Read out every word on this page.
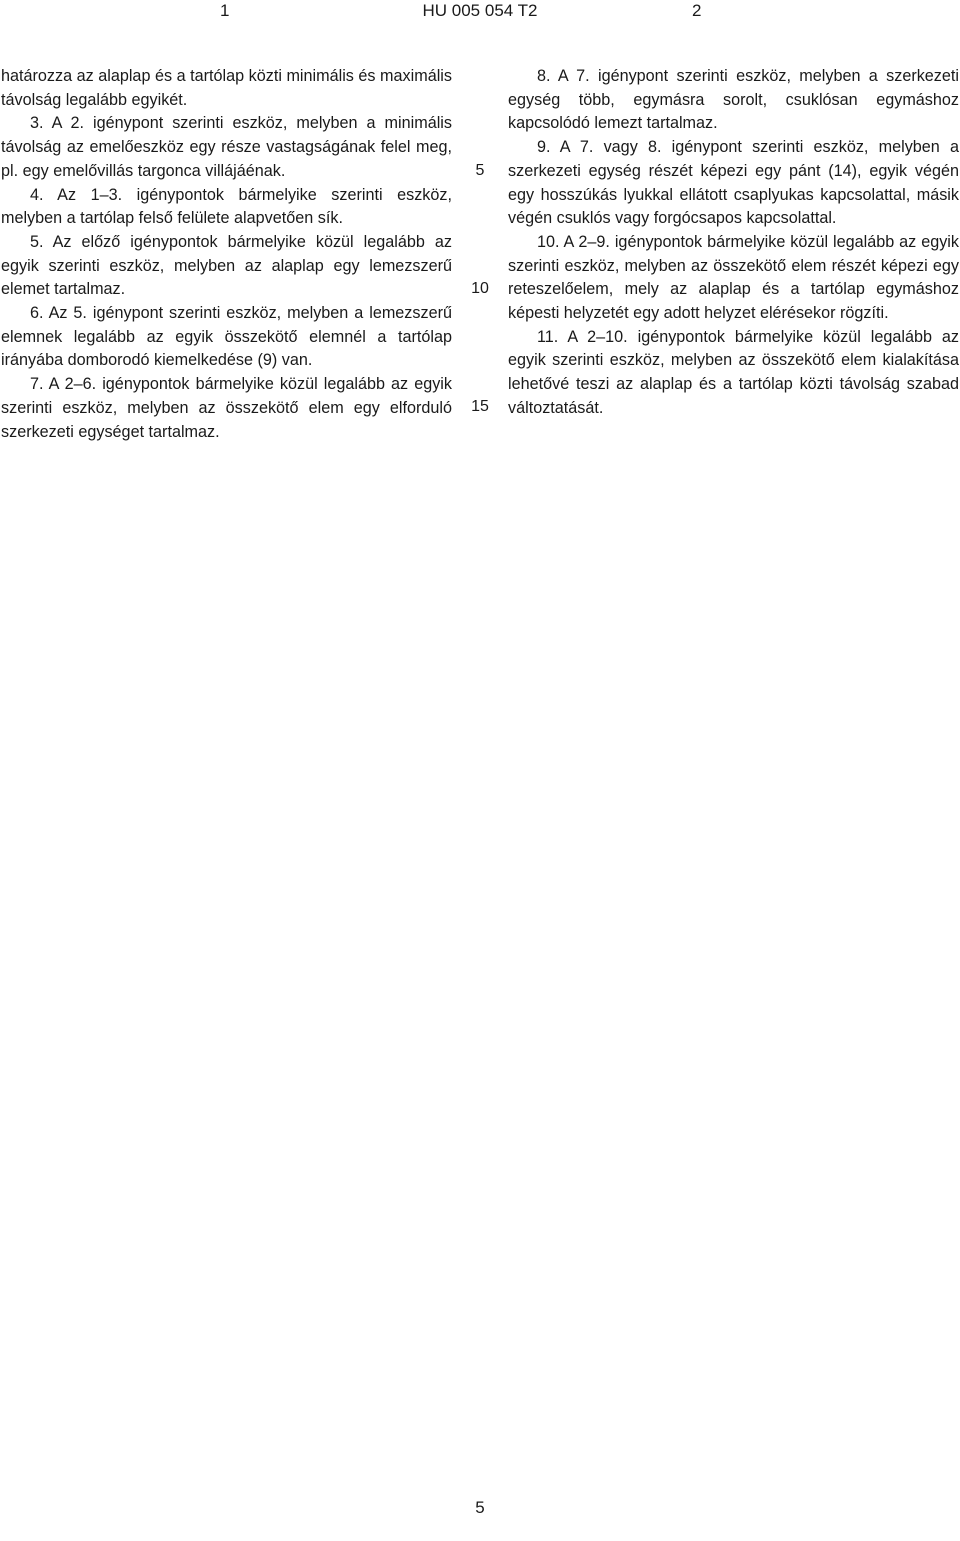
1	HU 005 054 T2	2

határozza az alaplap és a tartólap közti minimális és maximális távolság legalább egyikét.

3. A 2. igénypont szerinti eszköz, melyben a minimális távolság az emelőeszköz egy része vastagságának felel meg, pl. egy emelővillás targonca villájáénak.

4. Az 1–3. igénypontok bármelyike szerinti eszköz, melyben a tartólap felső felülete alapvetően sík.

5. Az előző igénypontok bármelyike közül legalább az egyik szerinti eszköz, melyben az alaplap egy lemezszerű elemet tartalmaz.

6. Az 5. igénypont szerinti eszköz, melyben a lemezszerű elemnek legalább az egyik összekötő elemnél a tartólap irányába domborodó kiemelkedése (9) van.

7. A 2–6. igénypontok bármelyike közül legalább az egyik szerinti eszköz, melyben az összekötő elem egy elforduló szerkezeti egységet tartalmaz.

5
10
15

8. A 7. igénypont szerinti eszköz, melyben a szerkezeti egység több, egymásra sorolt, csuklósan egymáshoz kapcsolódó lemezt tartalmaz.

9. A 7. vagy 8. igénypont szerinti eszköz, melyben a szerkezeti egység részét képezi egy pánt (14), egyik végén egy hosszúkás lyukkal ellátott csaplyukas kapcsolattal, másik végén csuklós vagy forgócsapos kapcsolattal.

10. A 2–9. igénypontok bármelyike közül legalább az egyik szerinti eszköz, melyben az összekötő elem részét képezi egy reteszelőelem, mely az alaplap és a tartólap egymáshoz képesti helyzetét egy adott helyzet elérésekor rögzíti.

11. A 2–10. igénypontok bármelyike közül legalább az egyik szerinti eszköz, melyben az összekötő elem kialakítása lehetővé teszi az alaplap és a tartólap közti távolság szabad változtatását.

5
